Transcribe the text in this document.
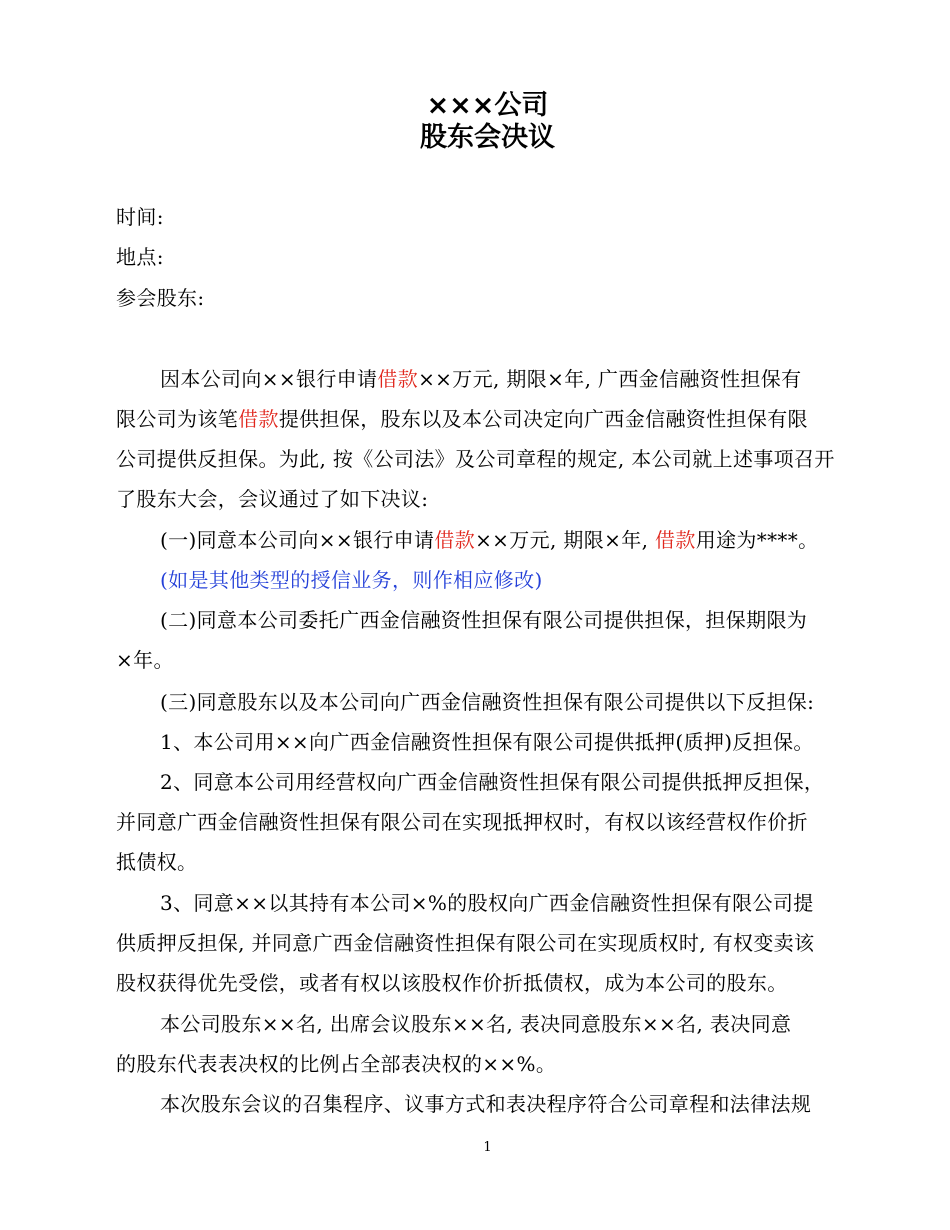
×××公司
股东会决议
时间:
地点:
参会股东:
因本公司向××银行申请借款××万元, 期限×年, 广西金信融资性担保有
限公司为该笔借款提供担保，股东以及本公司决定向广西金信融资性担保有限
公司提供反担保。为此, 按《公司法》及公司章程的规定, 本公司就上述事项召开
了股东大会，会议通过了如下决议:
(一)同意本公司向××银行申请借款××万元, 期限×年, 借款用途为****。
(如是其他类型的授信业务，则作相应修改)
(二)同意本公司委托广西金信融资性担保有限公司提供担保，担保期限为
×年。
(三)同意股东以及本公司向广西金信融资性担保有限公司提供以下反担保:
1、本公司用××向广西金信融资性担保有限公司提供抵押(质押)反担保。
2、同意本公司用经营权向广西金信融资性担保有限公司提供抵押反担保，
并同意广西金信融资性担保有限公司在实现抵押权时，有权以该经营权作价折
抵债权。
3、同意××以其持有本公司×%的股权向广西金信融资性担保有限公司提
供质押反担保, 并同意广西金信融资性担保有限公司在实现质权时, 有权变卖该
股权获得优先受偿，或者有权以该股权作价折抵债权，成为本公司的股东。
本公司股东××名, 出席会议股东××名, 表决同意股东××名, 表决同意
的股东代表表决权的比例占全部表决权的××%。
本次股东会议的召集程序、议事方式和表决程序符合公司章程和法律法规
1
